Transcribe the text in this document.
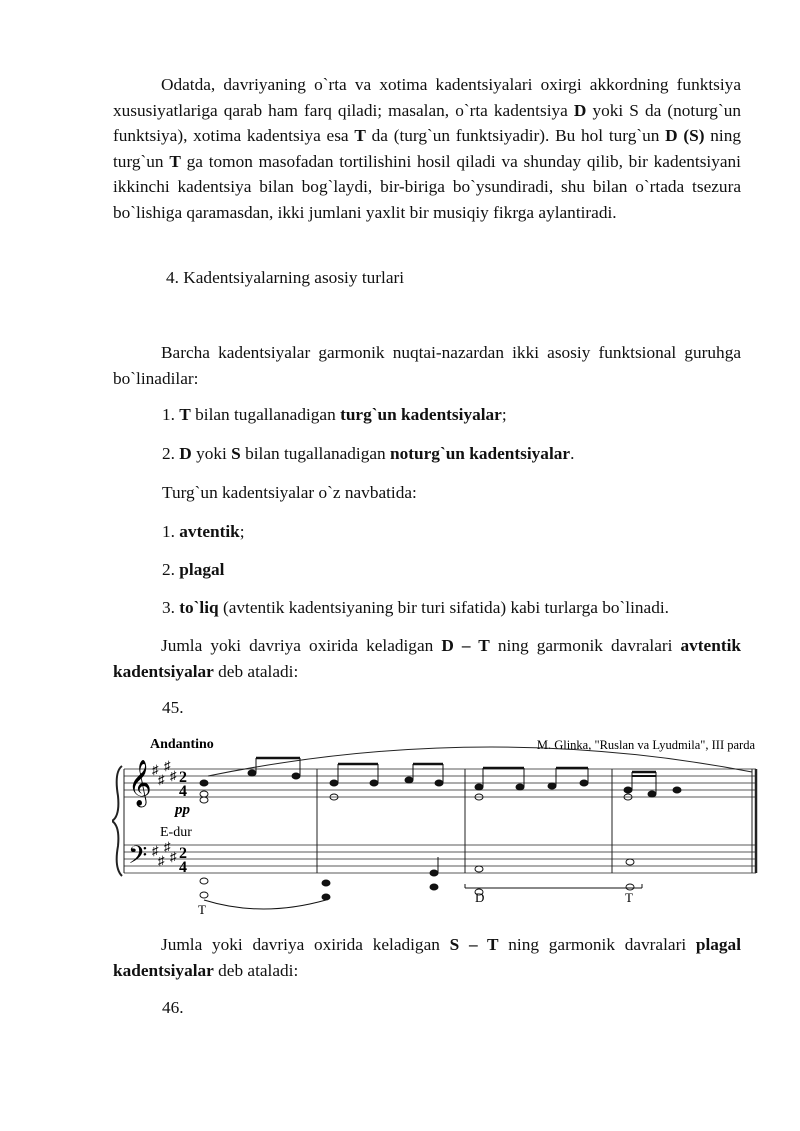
Odatda, davriyaning o`rta va xotima kadentsiyalari oxirgi akkordning funktsiya xususiyatlariga qarab ham farq qiladi; masalan, o`rta kadentsiya D yoki S da (noturg`un funktsiya), xotima kadentsiya esa T da (turg`un funktsiyadir). Bu hol turg`un D (S) ning turg`un T ga tomon masofadan tortilishini hosil qiladi va shunday qilib, bir kadentsiyani ikkinchi kadentsiya bilan bog`laydi, bir-biriga bo`ysundiradi, shu bilan o`rtada tsezura bo`lishiga qaramasdan, ikki jumlani yaxlit bir musiqiy fikrga aylantiradi.

4. Kadentsiyalarning asosiy turlari

Barcha kadentsiyalar garmonik nuqtai-nazardan ikki asosiy funktsional guruhga bo`linadilar:

1. T bilan tugallanadigan turg`un kadentsiyalar;

2. D yoki S bilan tugallanadigan noturg`un kadentsiyalar.

Turg`un kadentsiyalar o`z navbatida:

1. avtentik;

2. plagal

3. to`liq (avtentik kadentsiyaning bir turi sifatida) kabi turlarga bo`linadi.

Jumla yoki davriya oxirida keladigan D – T ning garmonik davralari avtentik kadentsiyalar deb ataladi:

45.

Andantino	M. Glinka, "Ruslan va Lyudmila", III parda
𝄞
𝄢
♯
♯
♯
♯
♯
♯
♯
♯
2
4
2
4
pp
E-dur
T
D	T

Jumla yoki davriya oxirida keladigan S – T ning garmonik davralari plagal kadentsiyalar deb ataladi:

46.
